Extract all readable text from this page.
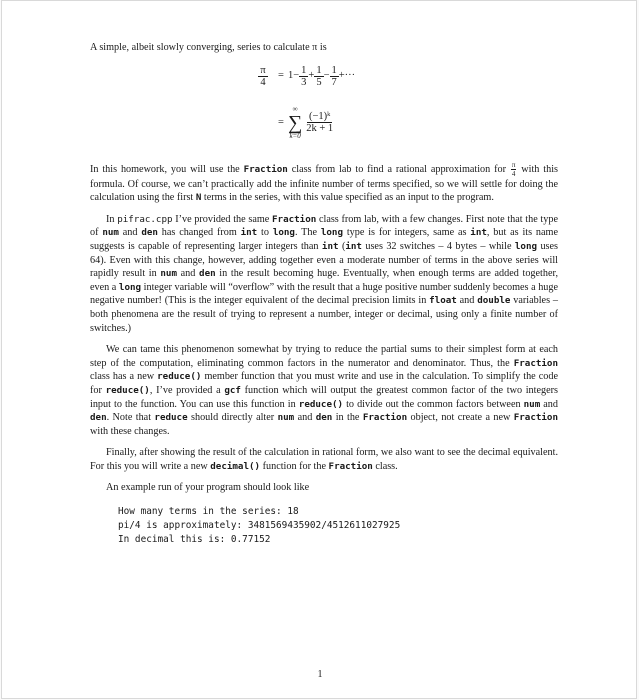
A simple, albeit slowly converging, series to calculate π is

$\frac{\pi}{4} = 1 - \frac{1}{3} + \frac{1}{5} - \frac{1}{7}$ +···
=
∞
∑
k=0
$\frac{\text{(−1)ᵏ}}{2k + 1}$

In this homework, you will use the Fraction class from lab to find a rational approximation for $\frac{\pi}{4}$ with this formula. Of course, we can’t practically add the infinite number of terms specified, so we will settle for doing the calculation using the first N terms in the series, with this value specified as an input to the program.

In pifrac.cpp I’ve provided the same Fraction class from lab, with a few changes. First note that the type of num and den has changed from int to long. The long type is for integers, same as int, but as its name suggests is capable of representing larger integers than int (int uses 32 switches – 4 bytes – while long uses 64). Even with this change, however, adding together even a moderate number of terms in the above series will rapidly result in num and den in the result becoming huge. Eventually, when enough terms are added together, even a long integer variable will “overflow” with the result that a huge positive number suddenly becomes a huge negative number! (This is the integer equivalent of the decimal precision limits in float and double variables – both phenomena are the result of trying to represent a number, integer or decimal, using only a finite number of switches.)

We can tame this phenomenon somewhat by trying to reduce the partial sums to their simplest form at each step of the computation, eliminating common factors in the numerator and denominator. Thus, the Fraction class has a new reduce() member function that you must write and use in the calculation. To simplify the code for reduce(), I’ve provided a gcf function which will output the greatest common factor of the two integers input to the function. You can use this function in reduce() to divide out the common factors between num and den. Note that reduce should directly alter num and den in the Fraction object, not create a new Fraction with these changes.

Finally, after showing the result of the calculation in rational form, we also want to see the decimal equivalent. For this you will write a new decimal() function for the Fraction class.

An example run of your program should look like

How many terms in the series: 18
pi/4 is approximately: 3481569435902/4512611027925
In decimal this is: 0.77152
1
